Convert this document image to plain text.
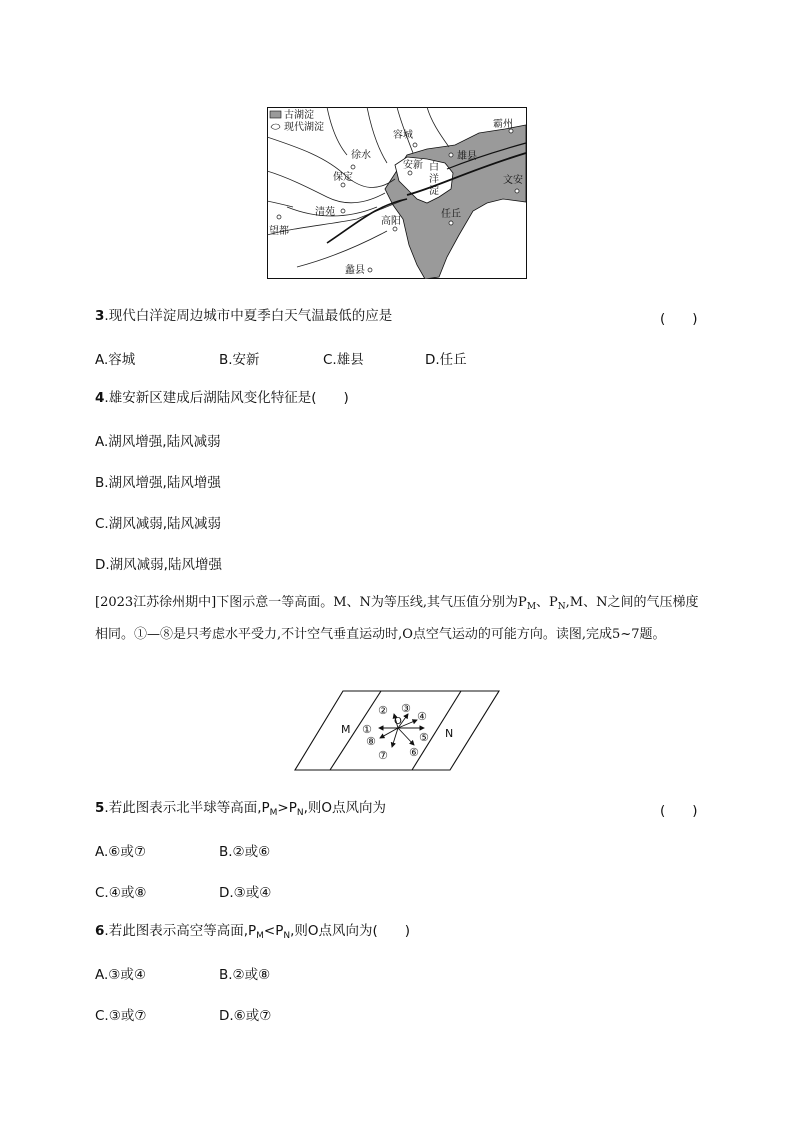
古湖淀
现代湖淀	霸州
容城
徐水
安新
雄县
白
洋
淀
保定	文安
清苑
高阳
任丘
望都
蠡县
3.现代白洋淀周边城市中夏季白天气温最低的应是	(　　)
A.容城	B.安新	C.雄县	D.任丘
4.雄安新区建成后湖陆风变化特征是(　　)
A.湖风增强,陆风减弱
B.湖风增强,陆风增强
C.湖风减弱,陆风减弱
D.湖风减弱,陆风增强
[2023江苏徐州期中]下图示意一等高面。M、N为等压线,其气压值分别为$P_M$、$P_N,M$、N之间的气压梯度相同。①—⑧是只考虑水平受力,不计空气垂直运动时,O点空气运动的可能方向。读图,完成5~7题。
M	N
O
①
② ③
④
⑤
⑥
⑦
⑧
5.若此图表示北半球等高面$,P_M>P_N$,则O点风向为	(　　)
A.⑥或⑦	B.②或⑥
C.④或⑧	D.③或④
6.若此图表示高空等高面$,P_M<P_N$,则O点风向为(　　)
A.③或④	B.②或⑧
C.③或⑦	D.⑥或⑦
